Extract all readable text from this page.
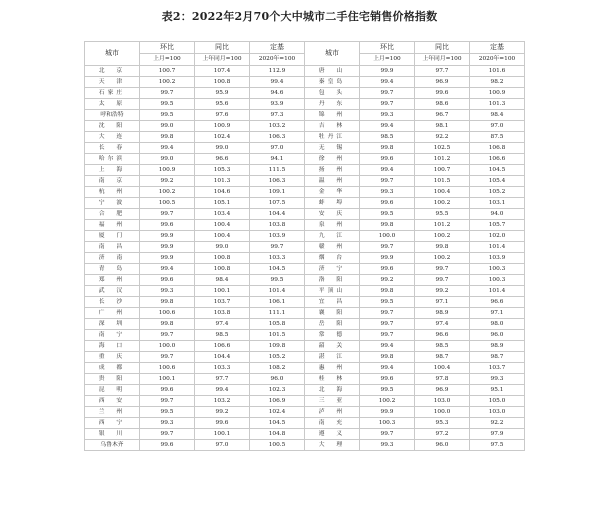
表2：2022年2月70个大中城市二手住宅销售价格指数
城市	环比	同比	定基	城市	环比	同比	定基
	上月=100	上年同月=100	2020年=100		上月=100	上年同月=100	2020年=100
北　京	100.7	107.4	112.9	唐　山	99.9	97.7	101.6
天　津	100.2	100.8	99.4	秦皇岛	99.4	96.9	98.2
石家庄	99.7	95.9	94.6	包　头	99.7	99.6	100.9
太　原	99.5	95.6	93.9	丹　东	99.7	98.6	101.3
呼和浩特	99.5	97.6	97.3	锦　州	99.3	96.7	98.4
沈　阳	99.0	100.9	103.2	吉　林	99.4	98.1	97.0
大　连	99.8	102.4	106.3	牡丹江	98.5	92.2	87.5
长　春	99.4	99.0	97.0	无　锡	99.8	102.5	106.8
哈尔滨	99.0	96.6	94.1	徐　州	99.6	101.2	106.6
上　海	100.9	105.3	111.5	扬　州	99.4	100.7	104.5
南　京	99.2	101.3	106.3	温　州	99.7	101.5	105.4
杭　州	100.2	104.6	109.1	金　华	99.3	100.4	105.2
宁　波	100.5	105.1	107.5	蚌　埠	99.6	100.2	103.1
合　肥	99.7	103.4	104.4	安　庆	99.5	95.5	94.0
福　州	99.6	100.4	103.8	泉　州	99.8	101.2	105.7
厦　门	99.9	100.4	103.9	九　江	100.0	100.2	102.0
南　昌	99.9	99.0	99.7	赣　州	99.7	99.8	101.4
济　南	99.9	100.8	103.3	烟　台	99.9	100.2	103.9
青　岛	99.4	100.8	104.5	济　宁	99.6	99.7	100.3
郑　州	99.6	98.4	99.5	洛　阳	99.2	99.7	100.3
武　汉	99.3	100.1	101.4	平顶山	99.8	99.2	101.4
长　沙	99.8	103.7	106.1	宜　昌	99.5	97.1	96.6
广　州	100.6	103.8	111.1	襄　阳	99.7	98.9	97.1
深　圳	99.8	97.4	105.8	岳　阳	99.7	97.4	98.0
南　宁	99.7	98.5	101.5	常　德	99.7	96.6	96.0
海　口	100.0	106.6	109.8	韶　关	99.4	98.5	98.9
重　庆	99.7	104.4	105.2	湛　江	99.8	98.7	98.7
成　都	100.6	103.3	108.2	惠　州	99.4	100.4	103.7
贵　阳	100.1	97.7	96.0	桂　林	99.6	97.8	99.3
昆　明	99.6	99.4	102.3	北　海	99.5	96.9	95.1
西　安	99.7	103.2	106.9	三　亚	100.2	103.0	105.0
兰　州	99.5	99.2	102.4	泸　州	99.9	100.0	103.0
西　宁	99.3	99.6	104.5	南　充	100.3	95.3	92.2
银　川	99.7	100.1	104.8	遵　义	99.7	97.2	97.9
乌鲁木齐	99.6	97.0	100.5	大　理	99.3	96.0	97.5
